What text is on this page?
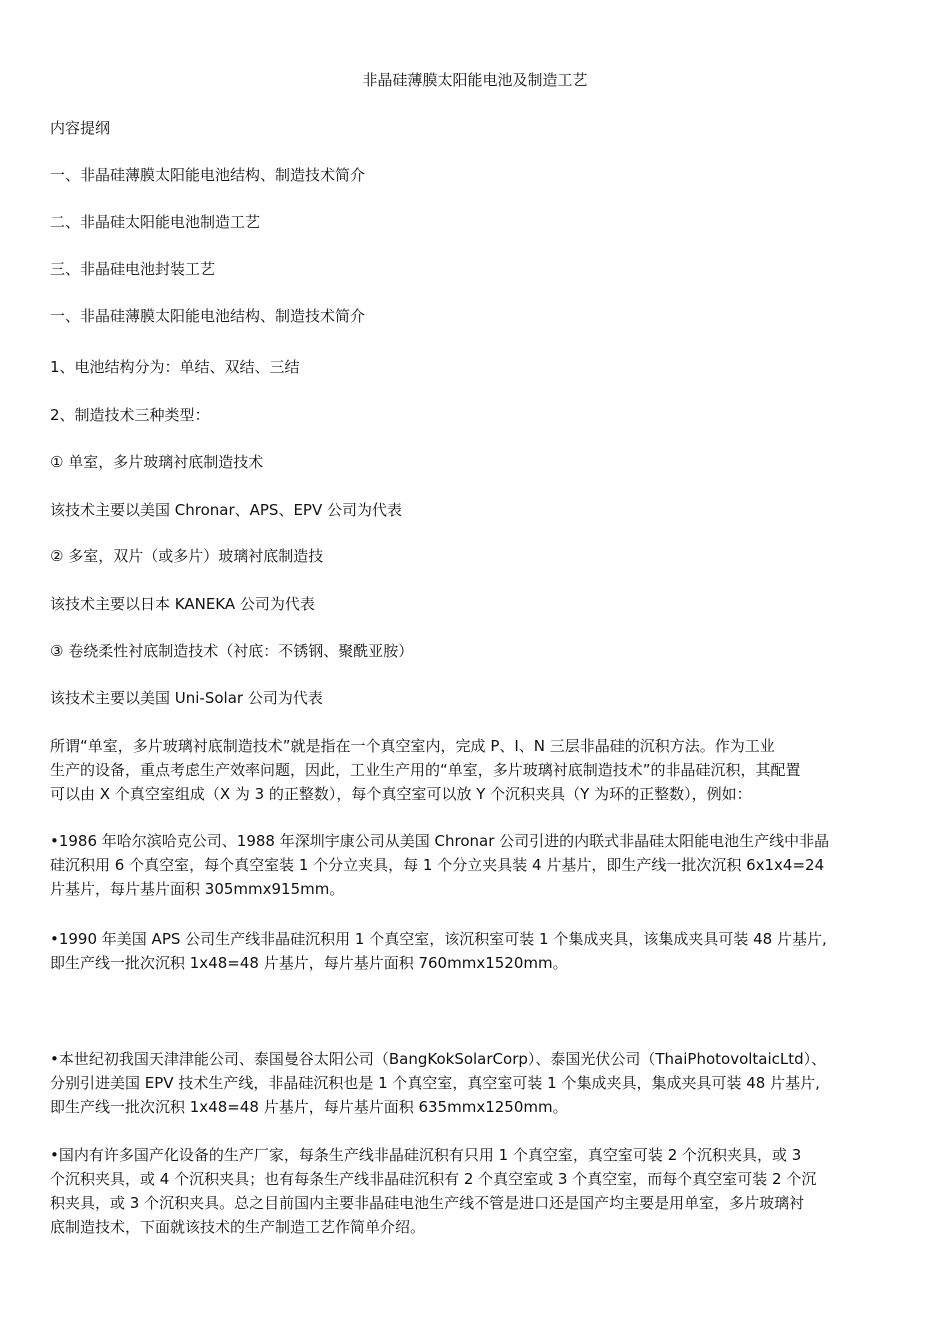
非晶硅薄膜太阳能电池及制造工艺
内容提纲
一、非晶硅薄膜太阳能电池结构、制造技术简介
二、非晶硅太阳能电池制造工艺
三、非晶硅电池封装工艺
一、非晶硅薄膜太阳能电池结构、制造技术简介
1、电池结构分为：单结、双结、三结
2、制造技术三种类型：
① 单室，多片玻璃衬底制造技术
该技术主要以美国 Chronar、APS、EPV 公司为代表
② 多室，双片（或多片）玻璃衬底制造技
该技术主要以日本 KANEKA 公司为代表
③ 卷绕柔性衬底制造技术（衬底：不锈钢、聚酰亚胺）
该技术主要以美国 Uni-Solar 公司为代表

所谓“单室，多片玻璃衬底制造技术”就是指在一个真空室内，完成 P、I、N 三层非晶硅的沉积方法。作为工业

生产的设备，重点考虑生产效率问题，因此，工业生产用的“单室，多片玻璃衬底制造技术”的非晶硅沉积，其配置

可以由 X 个真空室组成（X 为 3 的正整数），每个真空室可以放 Y 个沉积夹具（Y 为环的正整数），例如：

•1986 年哈尔滨哈克公司、1988 年深圳宇康公司从美国 Chronar 公司引进的内联式非晶硅太阳能电池生产线中非晶

硅沉积用 6 个真空室，每个真空室装 1 个分立夹具，每 1 个分立夹具装 4 片基片，即生产线一批次沉积 6x1x4=24

片基片，每片基片面积 305mmx915mm。

•1990 年美国 APS 公司生产线非晶硅沉积用 1 个真空室，该沉积室可装 1 个集成夹具，该集成夹具可装 48 片基片,

即生产线一批次沉积 1x48=48 片基片，每片基片面积 760mmx1520mm。

•本世纪初我国天津津能公司、泰国曼谷太阳公司（BangKokSolarCorp）、泰国光伏公司（ThaiPhotovoltaicLtd）、

分别引进美国 EPV 技术生产线，非晶硅沉积也是 1 个真空室，真空室可装 1 个集成夹具，集成夹具可装 48 片基片,

即生产线一批次沉积 1x48=48 片基片，每片基片面积 635mmx1250mm。

•国内有许多国产化设备的生产厂家，每条生产线非晶硅沉积有只用 1 个真空室，真空室可装 2 个沉积夹具，或 3

个沉积夹具，或 4 个沉积夹具；也有每条生产线非晶硅沉积有 2 个真空室或 3 个真空室，而每个真空室可装 2 个沉

积夹具，或 3 个沉积夹具。总之目前国内主要非晶硅电池生产线不管是进口还是国产均主要是用单室，多片玻璃衬

底制造技术，下面就该技术的生产制造工艺作简单介绍。
